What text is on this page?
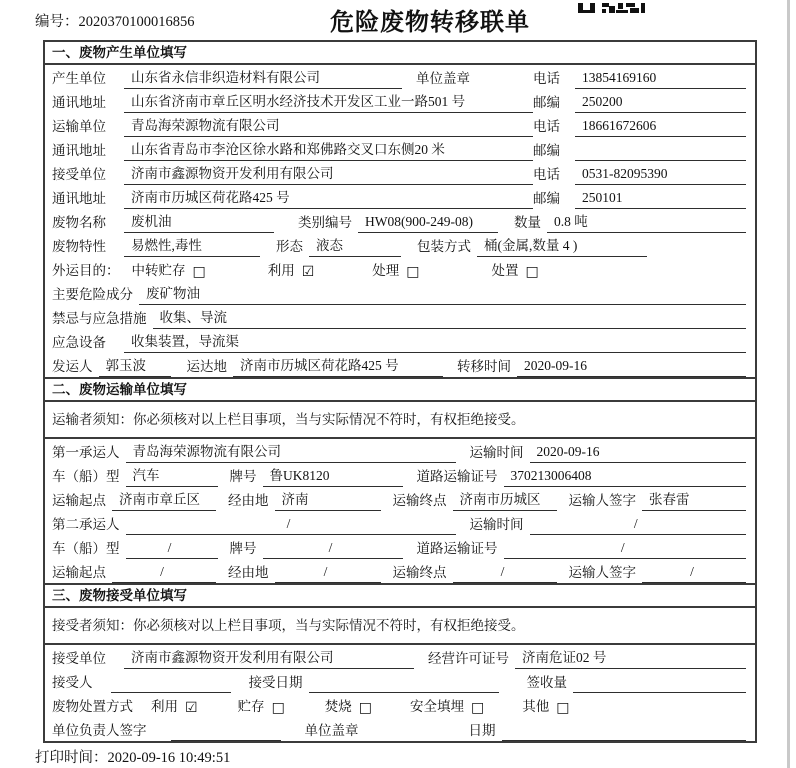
编号：2020370100016856	危险废物转移联单
一、废物产生单位填写
产生单位	山东省永信非织造材料有限公司	单位盖章	电话	13854169160
通讯地址	山东省济南市章丘区明水经济技术开发区工业一路501 号	邮编	250200
运输单位	青岛海荣源物流有限公司	电话	18661672606
通讯地址	山东省青岛市李沧区徐水路和郑佛路交叉口东侧20 米	邮编
接受单位	济南市鑫源物资开发利用有限公司	电话	0531-82095390
通讯地址	济南市历城区荷花路425 号	邮编	250101
废物名称	废机油	类别编号 HW08(900-249-08)	数量 0.8 吨
废物特性	易燃性,毒性	形态 液态	包装方式 桶(金属,数量 4 )
外运目的： 中转贮存 □	利用 ☑	处理 □	处置 □
主要危险成分 废矿物油
禁忌与应急措施 收集、导流
应急设备	收集装置，导流渠
发运人 郭玉波	运达地 济南市历城区荷花路425 号	转移时间 2020-09-16
二、废物运输单位填写
运输者须知：你必须核对以上栏目事项，当与实际情况不符时，有权拒绝接受。
第一承运人 青岛海荣源物流有限公司	运输时间 2020-09-16
车（船）型 汽车	牌号 鲁UK8120	道路运输证号 370213006408
运输起点 济南市章丘区	经由地 济南	运输终点 济南市历城区	运输人签字 张春雷
第二承运人	/	运输时间	/
车（船）型	/	牌号	/	道路运输证号	/
运输起点	/	经由地	/	运输终点	/	运输人签字	/
三、废物接受单位填写
接受者须知：你必须核对以上栏目事项，当与实际情况不符时，有权拒绝接受。
接受单位	济南市鑫源物资开发利用有限公司	经营许可证号 济南危证02 号
接受人	接受日期	签收量
废物处置方式 利用 ☑	贮存 □	焚烧 □	安全填埋 □	其他 □
单位负责人签字	单位盖章	日期
打印时间：2020-09-16 10:49:51
